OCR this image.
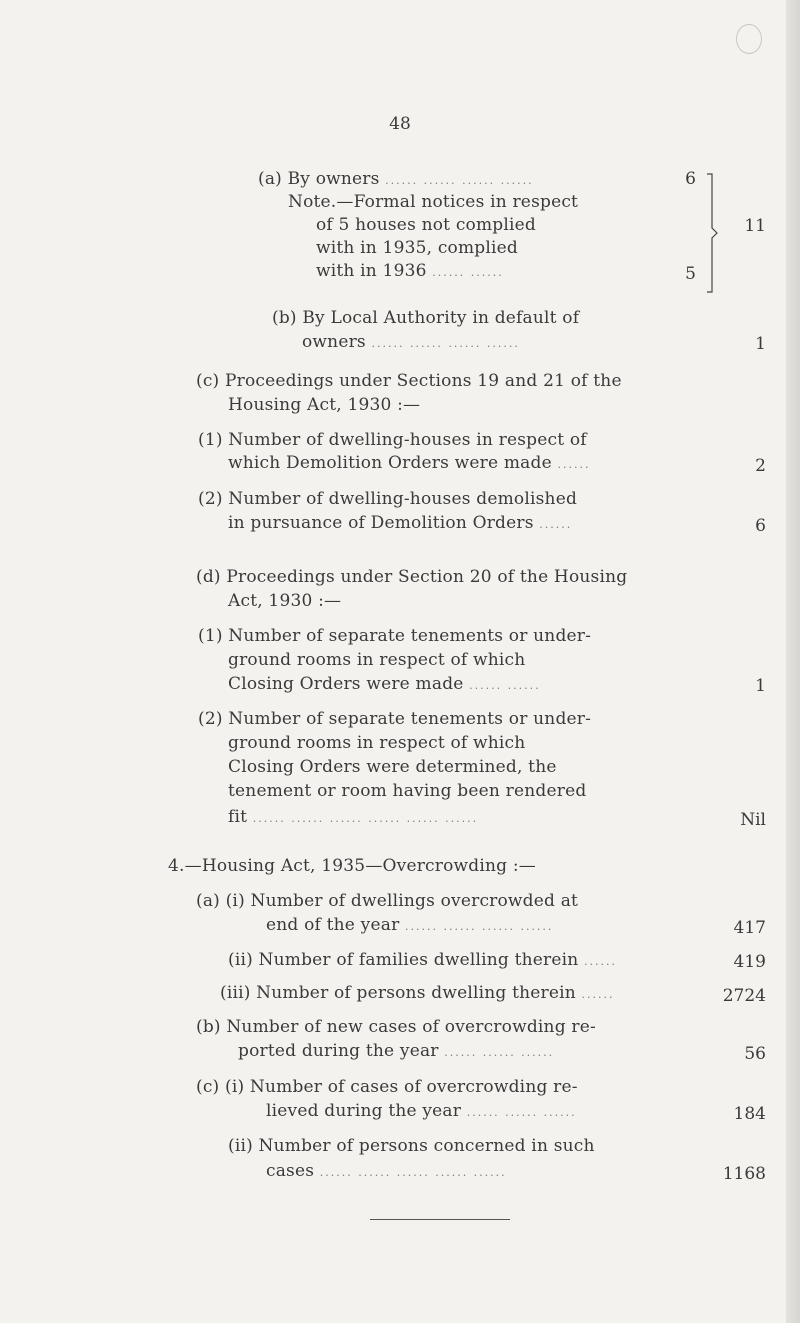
48
(a) By owners ...... ...... ...... ......	6
Note.—Formal notices in respect
of 5 houses not complied
with in 1935, complied
with in 1936 ...... ......	5
11
(b) By Local Authority in default of
owners ...... ...... ...... ......	1
(c) Proceedings under Sections 19 and 21 of the
Housing Act, 1930 :—
(1) Number of dwelling-houses in respect of
which Demolition Orders were made ......	2
(2) Number of dwelling-houses demolished
in pursuance of Demolition Orders ......	6
(d) Proceedings under Section 20 of the Housing
Act, 1930 :—
(1) Number of separate tenements or under-
ground rooms in respect of which
Closing Orders were made ...... ......	1
(2) Number of separate tenements or under-
ground rooms in respect of which
Closing Orders were determined, the
tenement or room having been rendered
fit ...... ...... ...... ...... ...... ......	Nil
4.—Housing Act, 1935—Overcrowding :—
(a) (i) Number of dwellings overcrowded at
end of the year ...... ...... ...... ......	417
(ii) Number of families dwelling therein ......	419
(iii) Number of persons dwelling therein ......	2724
(b) Number of new cases of overcrowding re-
ported during the year ...... ...... ......	56
(c) (i) Number of cases of overcrowding re-
lieved during the year ...... ...... ......	184
(ii) Number of persons concerned in such
cases ...... ...... ...... ...... ......	1168
